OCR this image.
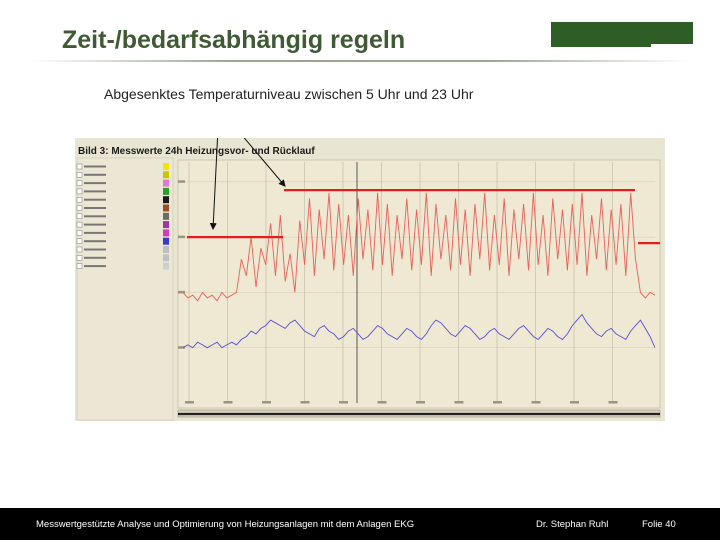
Zeit-/bedarfsabhängig regeln
Abgesenktes Temperaturniveau zwischen 5 Uhr und 23 Uhr
Bild 3: Messwerte 24h Heizungsvor- und Rücklauf
Messwertgestützte Analyse und Optimierung von Heizungsanlagen mit dem Anlagen EKG	Dr. Stephan Ruhl	Folie 40
